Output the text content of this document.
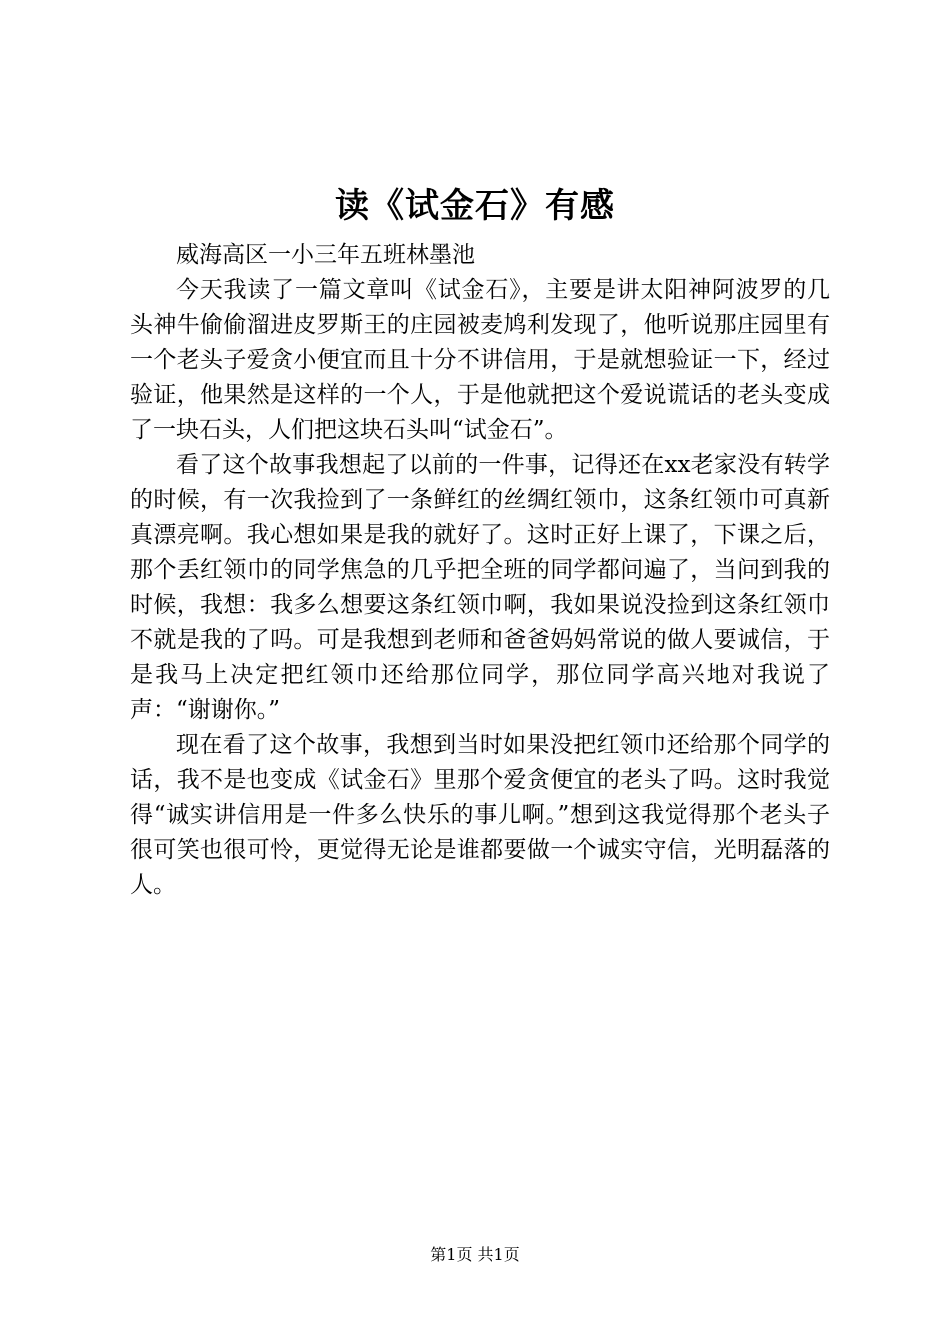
读《试金石》有感

威海高区一小三年五班林墨池

今天我读了一篇文章叫《试金石》，主要是讲太阳神阿波罗的几头神牛偷偷溜进皮罗斯王的庄园被麦鸠利发现了，他听说那庄园里有一个老头子爱贪小便宜而且十分不讲信用，于是就想验证一下，经过验证，他果然是这样的一个人，于是他就把这个爱说谎话的老头变成了一块石头，人们把这块石头叫“试金石”。

看了这个故事我想起了以前的一件事，记得还在xx老家没有转学的时候，有一次我捡到了一条鲜红的丝绸红领巾，这条红领巾可真新真漂亮啊。我心想如果是我的就好了。这时正好上课了，下课之后，那个丢红领巾的同学焦急的几乎把全班的同学都问遍了，当问到我的时候，我想：我多么想要这条红领巾啊，我如果说没捡到这条红领巾不就是我的了吗。可是我想到老师和爸爸妈妈常说的做人要诚信，于是我马上决定把红领巾还给那位同学，那位同学高兴地对我说了声：“谢谢你。”

现在看了这个故事，我想到当时如果没把红领巾还给那个同学的话，我不是也变成《试金石》里那个爱贪便宜的老头了吗。这时我觉得“诚实讲信用是一件多么快乐的事儿啊。”想到这我觉得那个老头子很可笑也很可怜，更觉得无论是谁都要做一个诚实守信，光明磊落的人。

第1页 共1页
